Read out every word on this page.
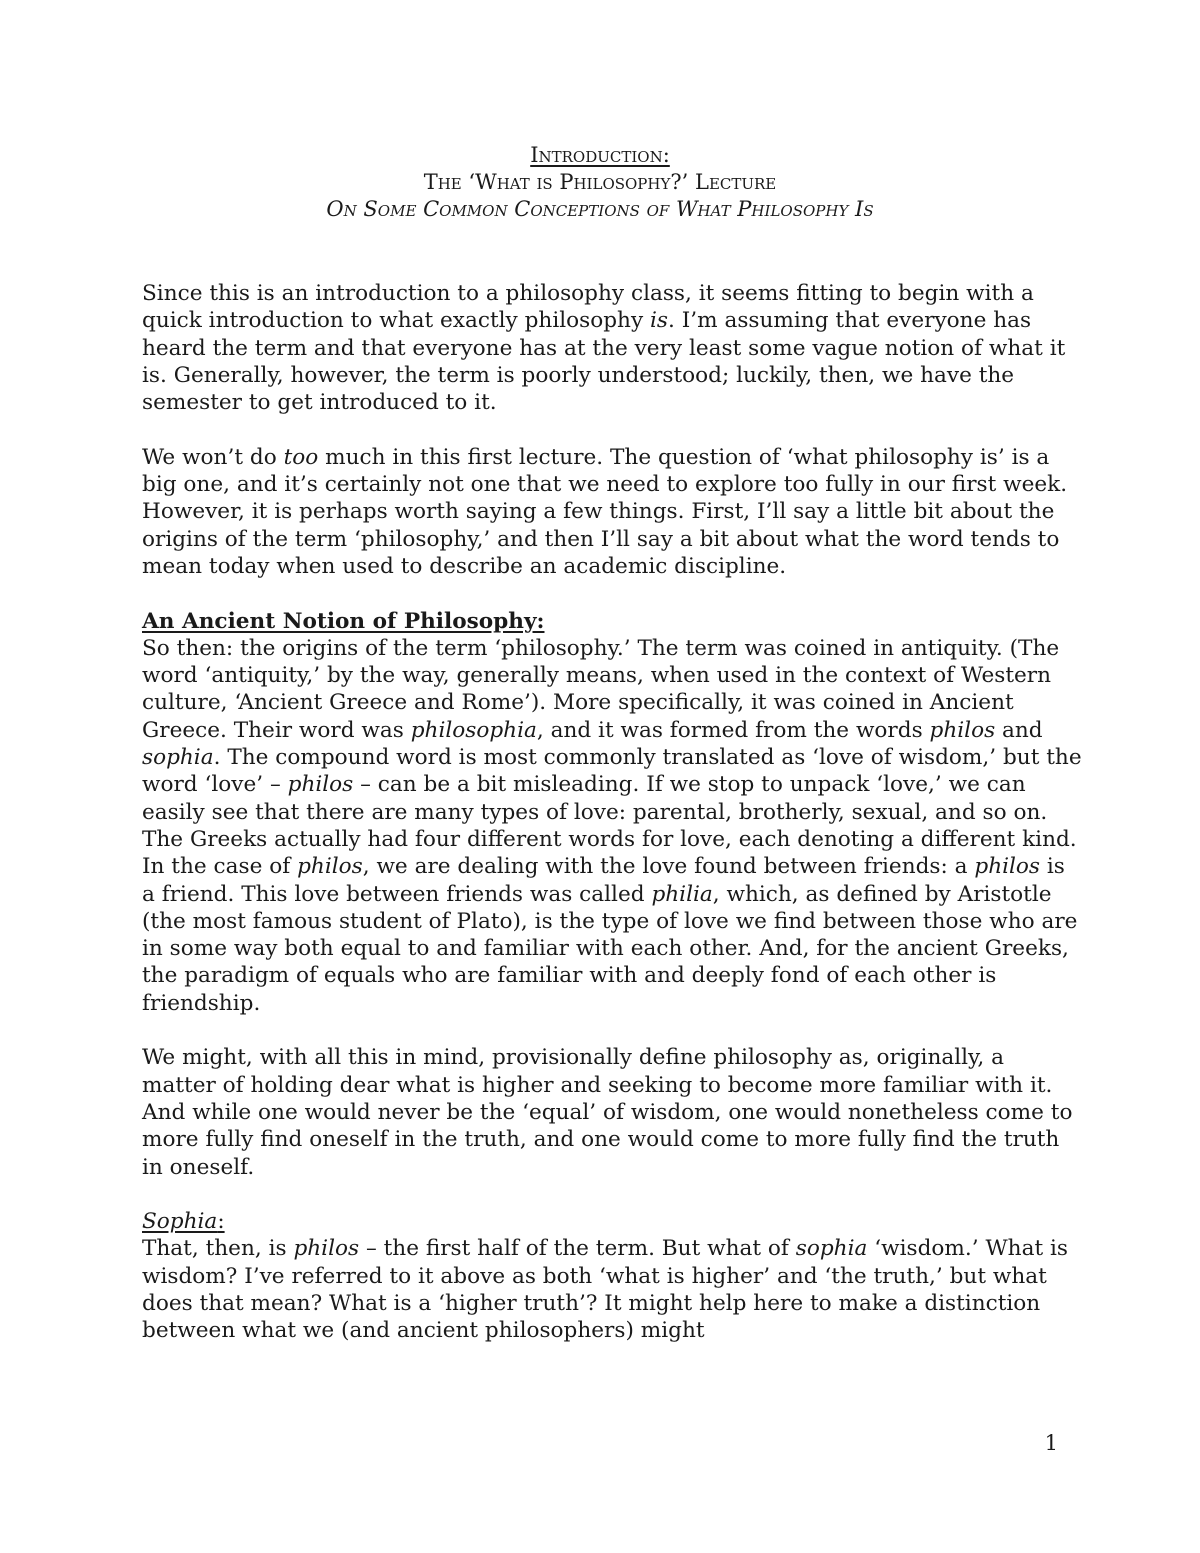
Introduction:
The ‘What is Philosophy?’ Lecture
On Some Common Conceptions of What Philosophy Is

Since this is an introduction to a philosophy class, it seems fitting to begin with a quick introduction to what exactly philosophy is. I’m assuming that everyone has heard the term and that everyone has at the very least some vague notion of what it is. Generally, however, the term is poorly understood; luckily, then, we have the semester to get introduced to it.

We won’t do too much in this first lecture. The question of ‘what philosophy is’ is a big one, and it’s certainly not one that we need to explore too fully in our first week. However, it is perhaps worth saying a few things. First, I’ll say a little bit about the origins of the term ‘philosophy,’ and then I’ll say a bit about what the word tends to mean today when used to describe an academic discipline.

An Ancient Notion of Philosophy:

So then: the origins of the term ‘philosophy.’ The term was coined in antiquity. (The word ‘antiquity,’ by the way, generally means, when used in the context of Western culture, ‘Ancient Greece and Rome’). More specifically, it was coined in Ancient Greece. Their word was philosophia, and it was formed from the words philos and sophia. The compound word is most commonly translated as ‘love of wisdom,’ but the word ‘love’ – philos – can be a bit misleading. If we stop to unpack ‘love,’ we can easily see that there are many types of love: parental, brotherly, sexual, and so on. The Greeks actually had four different words for love, each denoting a different kind. In the case of philos, we are dealing with the love found between friends: a philos is a friend. This love between friends was called philia, which, as defined by Aristotle (the most famous student of Plato), is the type of love we find between those who are in some way both equal to and familiar with each other. And, for the ancient Greeks, the paradigm of equals who are familiar with and deeply fond of each other is friendship.

We might, with all this in mind, provisionally define philosophy as, originally, a matter of holding dear what is higher and seeking to become more familiar with it. And while one would never be the ‘equal’ of wisdom, one would nonetheless come to more fully find oneself in the truth, and one would come to more fully find the truth in oneself.

Sophia:

That, then, is philos – the first half of the term. But what of sophia ‘wisdom.’ What is wisdom? I’ve referred to it above as both ‘what is higher’ and ‘the truth,’ but what does that mean? What is a ‘higher truth’? It might help here to make a distinction between what we (and ancient philosophers) might

1
